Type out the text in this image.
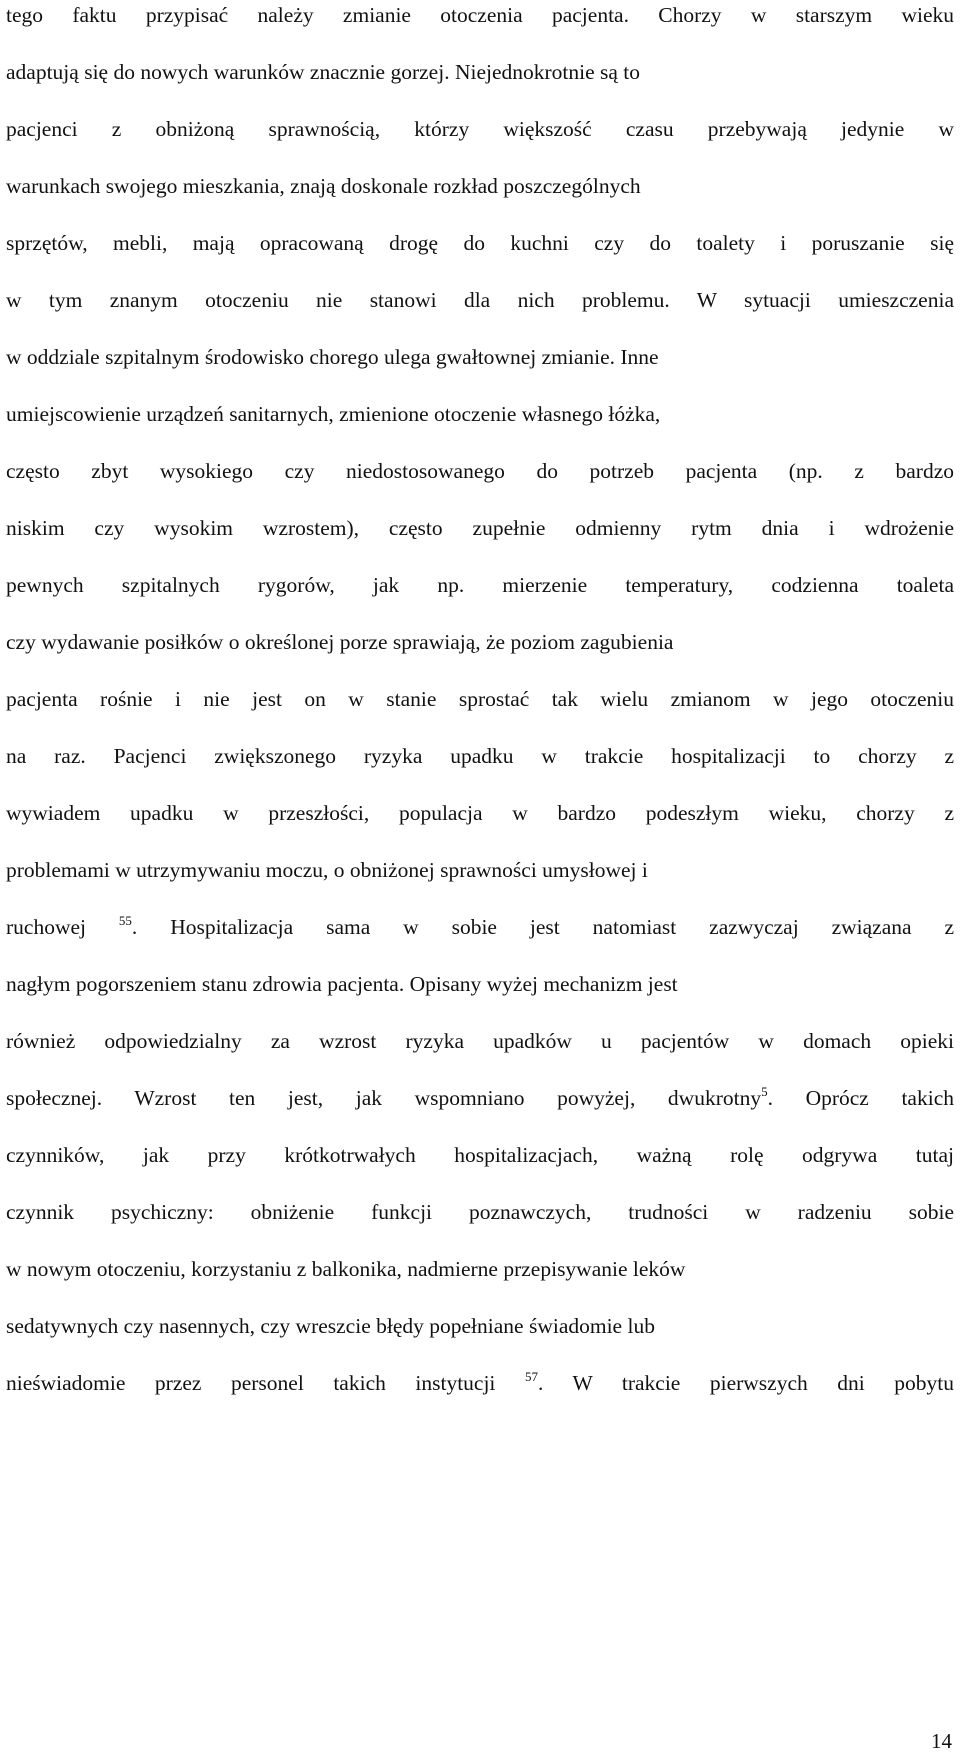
tego faktu przypisać należy zmianie otoczenia pacjenta. Chorzy w starszym wieku
adaptują się do nowych warunków znacznie gorzej. Niejednokrotnie są to
pacjenci z obniżoną sprawnością, którzy większość czasu przebywają jedynie w
warunkach swojego mieszkania, znają doskonale rozkład poszczególnych
sprzętów, mebli, mają opracowaną drogę do kuchni czy do toalety i poruszanie się
w tym znanym otoczeniu nie stanowi dla nich problemu. W sytuacji umieszczenia
w oddziale szpitalnym środowisko chorego ulega gwałtownej zmianie. Inne
umiejscowienie urządzeń sanitarnych, zmienione otoczenie własnego łóżka,
często zbyt wysokiego czy niedostosowanego do potrzeb pacjenta (np. z bardzo
niskim czy wysokim wzrostem), często zupełnie odmienny rytm dnia i wdrożenie
pewnych szpitalnych rygorów, jak np. mierzenie temperatury, codzienna toaleta
czy wydawanie posiłków o określonej porze sprawiają, że poziom zagubienia
pacjenta rośnie i nie jest on w stanie sprostać tak wielu zmianom w jego otoczeniu
na raz. Pacjenci zwiększonego ryzyka upadku w trakcie hospitalizacji to chorzy z
wywiadem upadku w przeszłości, populacja w bardzo podeszłym wieku, chorzy z
problemami w utrzymywaniu moczu, o obniżonej sprawności umysłowej i
ruchowej $^{55}$. Hospitalizacja sama w sobie jest natomiast zazwyczaj związana z
nagłym pogorszeniem stanu zdrowia pacjenta. Opisany wyżej mechanizm jest
również odpowiedzialny za wzrost ryzyka upadków u pacjentów w domach opieki
społecznej. Wzrost ten jest, jak wspomniano powyżej, dwukrotny$^5$. Oprócz takich
czynników, jak przy krótkotrwałych hospitalizacjach, ważną rolę odgrywa tutaj
czynnik psychiczny: obniżenie funkcji poznawczych, trudności w radzeniu sobie
w nowym otoczeniu, korzystaniu z balkonika, nadmierne przepisywanie leków
sedatywnych czy nasennych, czy wreszcie błędy popełniane świadomie lub
nieświadomie przez personel takich instytucji $^{57}$. W trakcie pierwszych dni pobytu
14
